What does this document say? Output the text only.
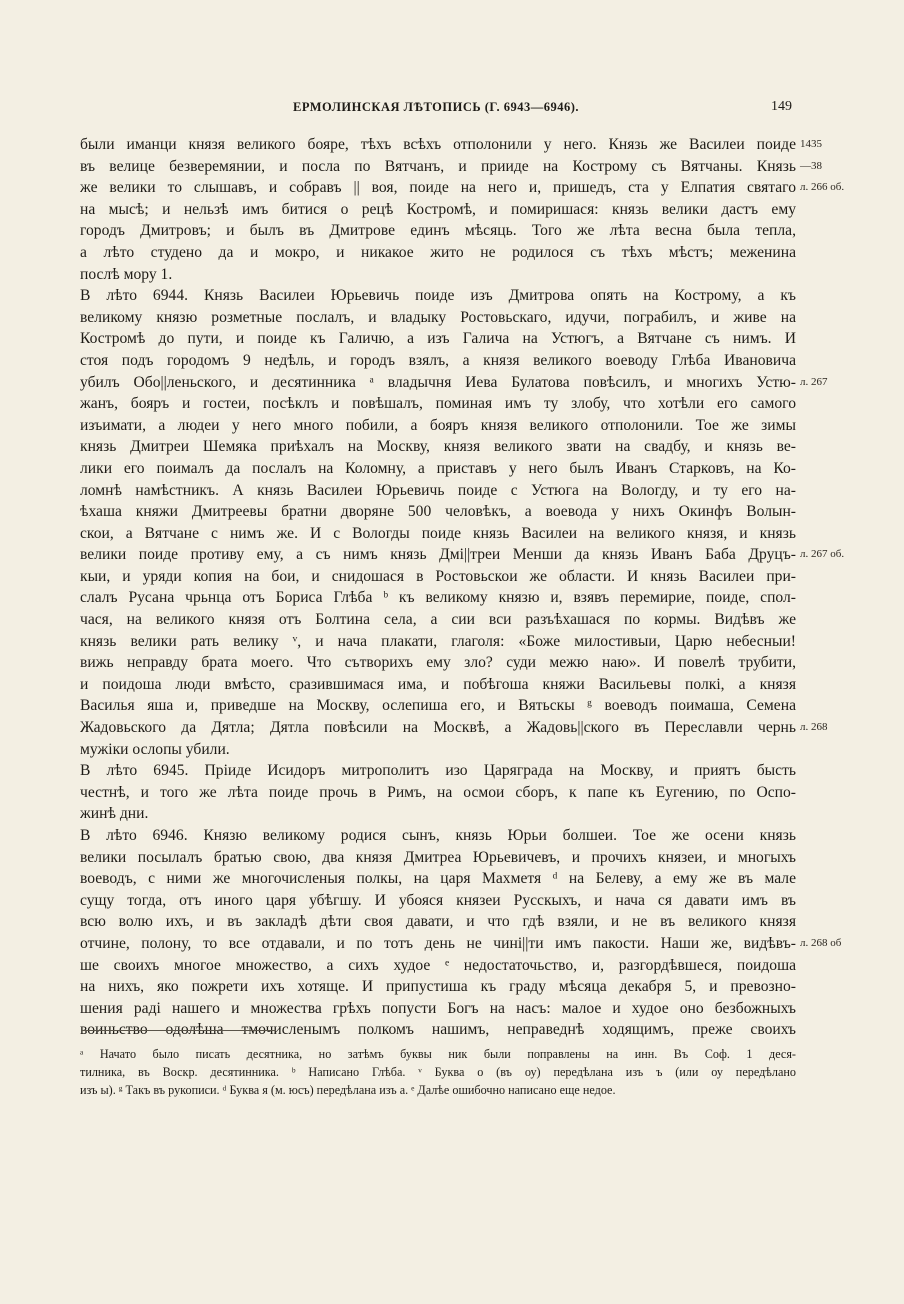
ЕРМОЛИНСКАЯ ЛѢТОПИСЬ (Г. 6943—6946).	149
были иманци князя великого бояре, тѣхъ всѣхъ отполонили у него. Князь же Василеи поиде
въ велице безверемянии, и посла по Вятчанъ, и прииде на Кострому съ Вятчаны. Князь
же велики то слышавъ, и собравъ || воя, поиде на него и, пришедъ, ста у Елпатия святаго
на мысѣ; и нельзѣ имъ битися о рецѣ Костромѣ, и помиришася: князь велики дастъ ему
городъ Дмитровъ; и былъ въ Дмитрове единъ мѣсяць. Того же лѣта весна была тепла,
а лѣто студено да и мокро, и никакое жито не родилося съ тѣхъ мѣстъ; меженина
послѣ мору 1.
В лѣто 6944. Князь Василеи Юрьевичь поиде изъ Дмитрова опять на Кострому, а къ
великому князю розметные послалъ, и владыку Ростовьскаго, идучи, пограбилъ, и живе на
Костромѣ до пути, и поиде къ Галичю, а изъ Галича на Устюгъ, а Вятчане съ нимъ. И
стоя подъ городомъ 9 недѣль, и городъ взялъ, а князя великого воеводу Глѣба Ивановича
убилъ Обо||леньского, и десятинника ᵃ владычня Иева Булатова повѣсилъ, и многихъ Устю-
жанъ, бояръ и гостеи, посѣклъ и повѣшалъ, поминая имъ ту злобу, что хотѣли его самого
изъимати, а людеи у него много побили, а бояръ князя великого отполонили. Тое же зимы
князь Дмитреи Шемяка приѣхалъ на Москву, князя великого звати на свадбу, и князь ве-
лики его поималъ да послалъ на Коломну, а приставъ у него былъ Иванъ Старковъ, на Ко-
ломнѣ намѣстникъ. А князь Василеи Юрьевичь поиде с Устюга на Вологду, и ту его на-
ѣхаша княжи Дмитреевы братни дворяне 500 человѣкъ, а воевода у нихъ Окинфъ Волын-
скои, а Вятчане с нимъ же. И с Вологды поиде князь Василеи на великого князя, и князь
велики поиде противу ему, а съ нимъ князь Дмі||треи Менши да князь Иванъ Баба Друцъ-
кыи, и уряди копия на бои, и снидошася в Ростовьскои же области. И князь Василеи при-
слалъ Русана чрьнца отъ Бориса Глѣба ᵇ къ великому князю и, взявъ перемирие, поиде, спол-
чася, на великого князя отъ Болтина села, а сии вси разъѣхашася по кормы. Видѣвъ же
князь велики рать велику ᵛ, и нача плакати, глаголя: «Боже милостивыи, Царю небесныи!
вижь неправду брата моего. Что сътворихъ ему зло? суди межю наю». И повелѣ трубити,
и поидоша люди вмѣсто, сразившимася има, и побѣгоша княжи Васильевы полкі, а князя
Василья яша и, приведше на Москву, ослепиша его, и Вятьскы ᵍ воеводъ поимаша, Семена
Жадовьского да Дятла; Дятла повѣсили на Москвѣ, а Жадовь||ского въ Переславли чернь
мужiки ослопы убили.
В лѣто 6945. Прiиде Исидоръ митрополитъ изо Царяграда на Москву, и приятъ бысть
честнѣ, и того же лѣта поиде прочь в Римъ, на осмои сборъ, к папе къ Еугению, по Оспо-
жинѣ дни.
В лѣто 6946. Князю великому родися сынъ, князь Юрьи болшеи. Тое же осени князь
велики посылалъ братью свою, два князя Дмитреа Юрьевичевъ, и прочихъ князеи, и многыхъ
воеводъ, с ними же многочисленыя полкы, на царя Махметя ᵈ на Белеву, а ему же въ мале
сущу тогда, отъ иного царя убѣгшу. И убояся князеи Русскыхъ, и нача ся давати имъ въ
всю волю ихъ, и въ закладѣ дѣти своя давати, и что гдѣ взяли, и не въ великого князя
отчине, полону, то все отдавали, и по тотъ день не чині||ти имъ пакости. Наши же, видѣвъ-
ше своихъ многое множество, а сихъ худое ᵉ недостаточьство, и, разгордѣвшеся, поидоша
на нихъ, яко пожрети ихъ хотяще. И припустиша къ граду мѣсяца декабря 5, и превозно-
шения раді нашего и множества грѣхъ попусти Богъ на насъ: малое и худое оно безбожныхъ
воиньство одолѣша тмочисленымъ полкомъ нашимъ, неправеднѣ ходящимъ, преже своихъ
1435
—38
л. 266 об.
л. 267
л. 267 об.
л. 268
л. 268 об
ᵃ Начато было писать десятника, но затѣмъ буквы ник были поправлены на инн. Въ Соф. 1 деся-
тилника, въ Воскр. десятинника. ᵇ Написано Глѣба. ᵛ Буква о (въ оу) передѣлана изъ ъ (или оу передѣлано
изъ ы). ᵍ Такъ въ рукописи. ᵈ Буква я (м. юсъ) передѣлана изъ а. ᵉ Далѣе ошибочно написано еще недое.
